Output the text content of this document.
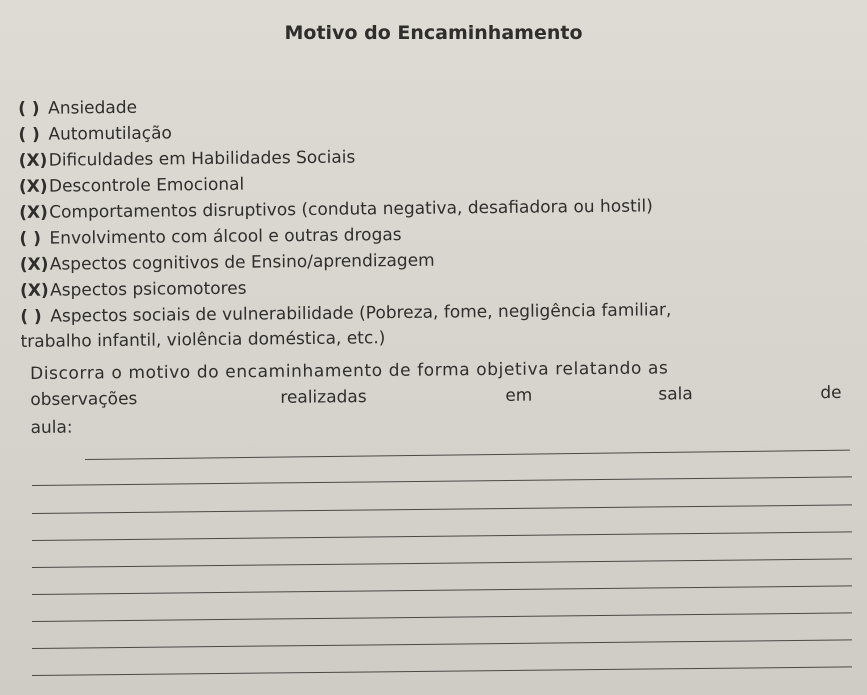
Motivo do Encaminhamento
( ) Ansiedade
( ) Automutilação
(X)Dificuldades em Habilidades Sociais
(X)Descontrole Emocional
(X)Comportamentos disruptivos (conduta negativa, desafiadora ou hostil)
( ) Envolvimento com álcool e outras drogas
(X)Aspectos cognitivos de Ensino/aprendizagem
(X)Aspectos psicomotores
( ) Aspectos sociais de vulnerabilidade (Pobreza, fome, negligência familiar,
trabalho infantil, violência doméstica, etc.)
Discorra o motivo do encaminhamento de forma objetiva relatando as
observações	realizadas	em	sala	de
aula:
